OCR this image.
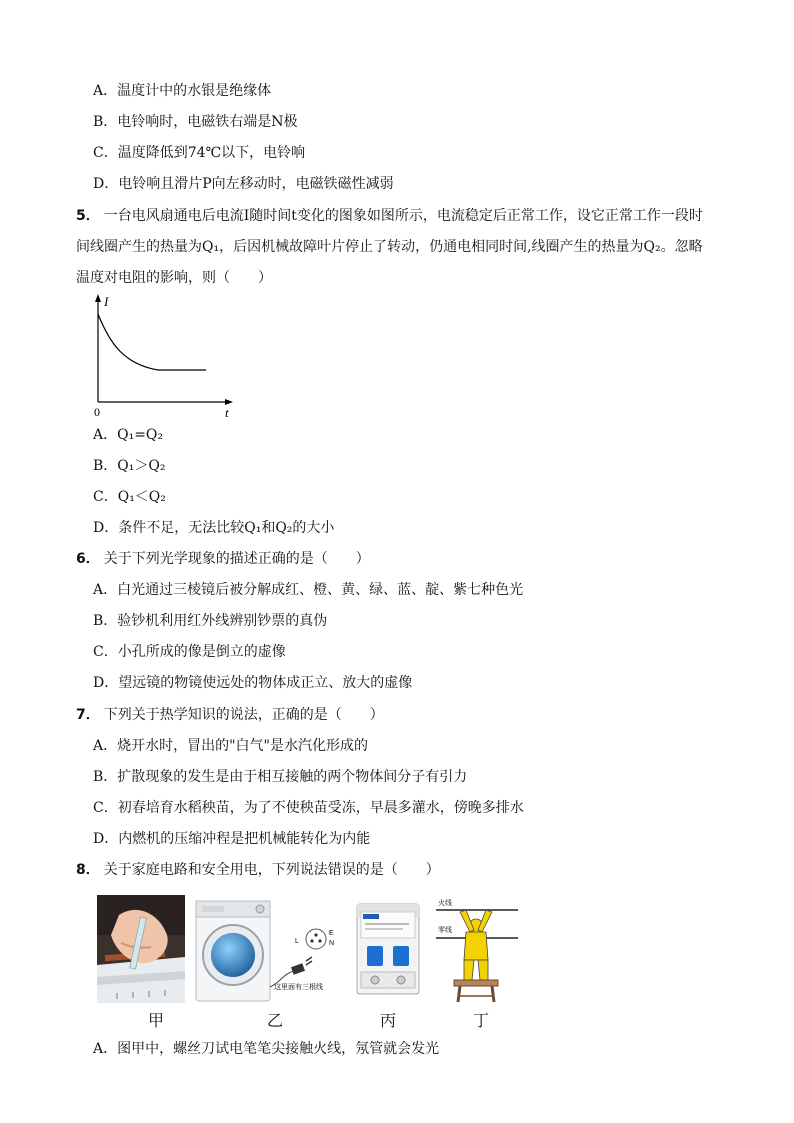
A．温度计中的水银是绝缘体
B．电铃响时，电磁铁右端是N极
C．温度降低到74℃以下，电铃响
D．电铃响且滑片P向左移动时，电磁铁磁性减弱
5． 一台电风扇通电后电流I随时间t变化的图象如图所示，电流稳定后正常工作，设它正常工作一段时
间线圈产生的热量为Q₁，后因机械故障叶片停止了转动，仍通电相同时间,线圈产生的热量为Q₂。忽略
温度对电阻的影响，则（　　）
I
t
0
A．Q₁=Q₂
B．Q₁＞Q₂
C．Q₁＜Q₂
D．条件不足，无法比较Q₁和Q₂的大小
6． 关于下列光学现象的描述正确的是（　　）
A．白光通过三棱镜后被分解成红、橙、黄、绿、蓝、靛、紫七种色光
B．验钞机利用红外线辨别钞票的真伪
C．小孔所成的像是倒立的虚像
D．望远镜的物镜使远处的物体成正立、放大的虚像
7． 下列关于热学知识的说法，正确的是（　　）
A．烧开水时，冒出的"白气"是水汽化形成的
B．扩散现象的发生是由于相互接触的两个物体间分子有引力
C．初春培育水稻秧苗，为了不使秧苗受冻，早晨多灌水，傍晚多排水
D．内燃机的压缩冲程是把机械能转化为内能
8． 关于家庭电路和安全用电，下列说法错误的是（　　）
L
E
N
这里面有三根线
火线
零线
甲	乙	丙	丁
A．图甲中，螺丝刀试电笔笔尖接触火线，氖管就会发光
